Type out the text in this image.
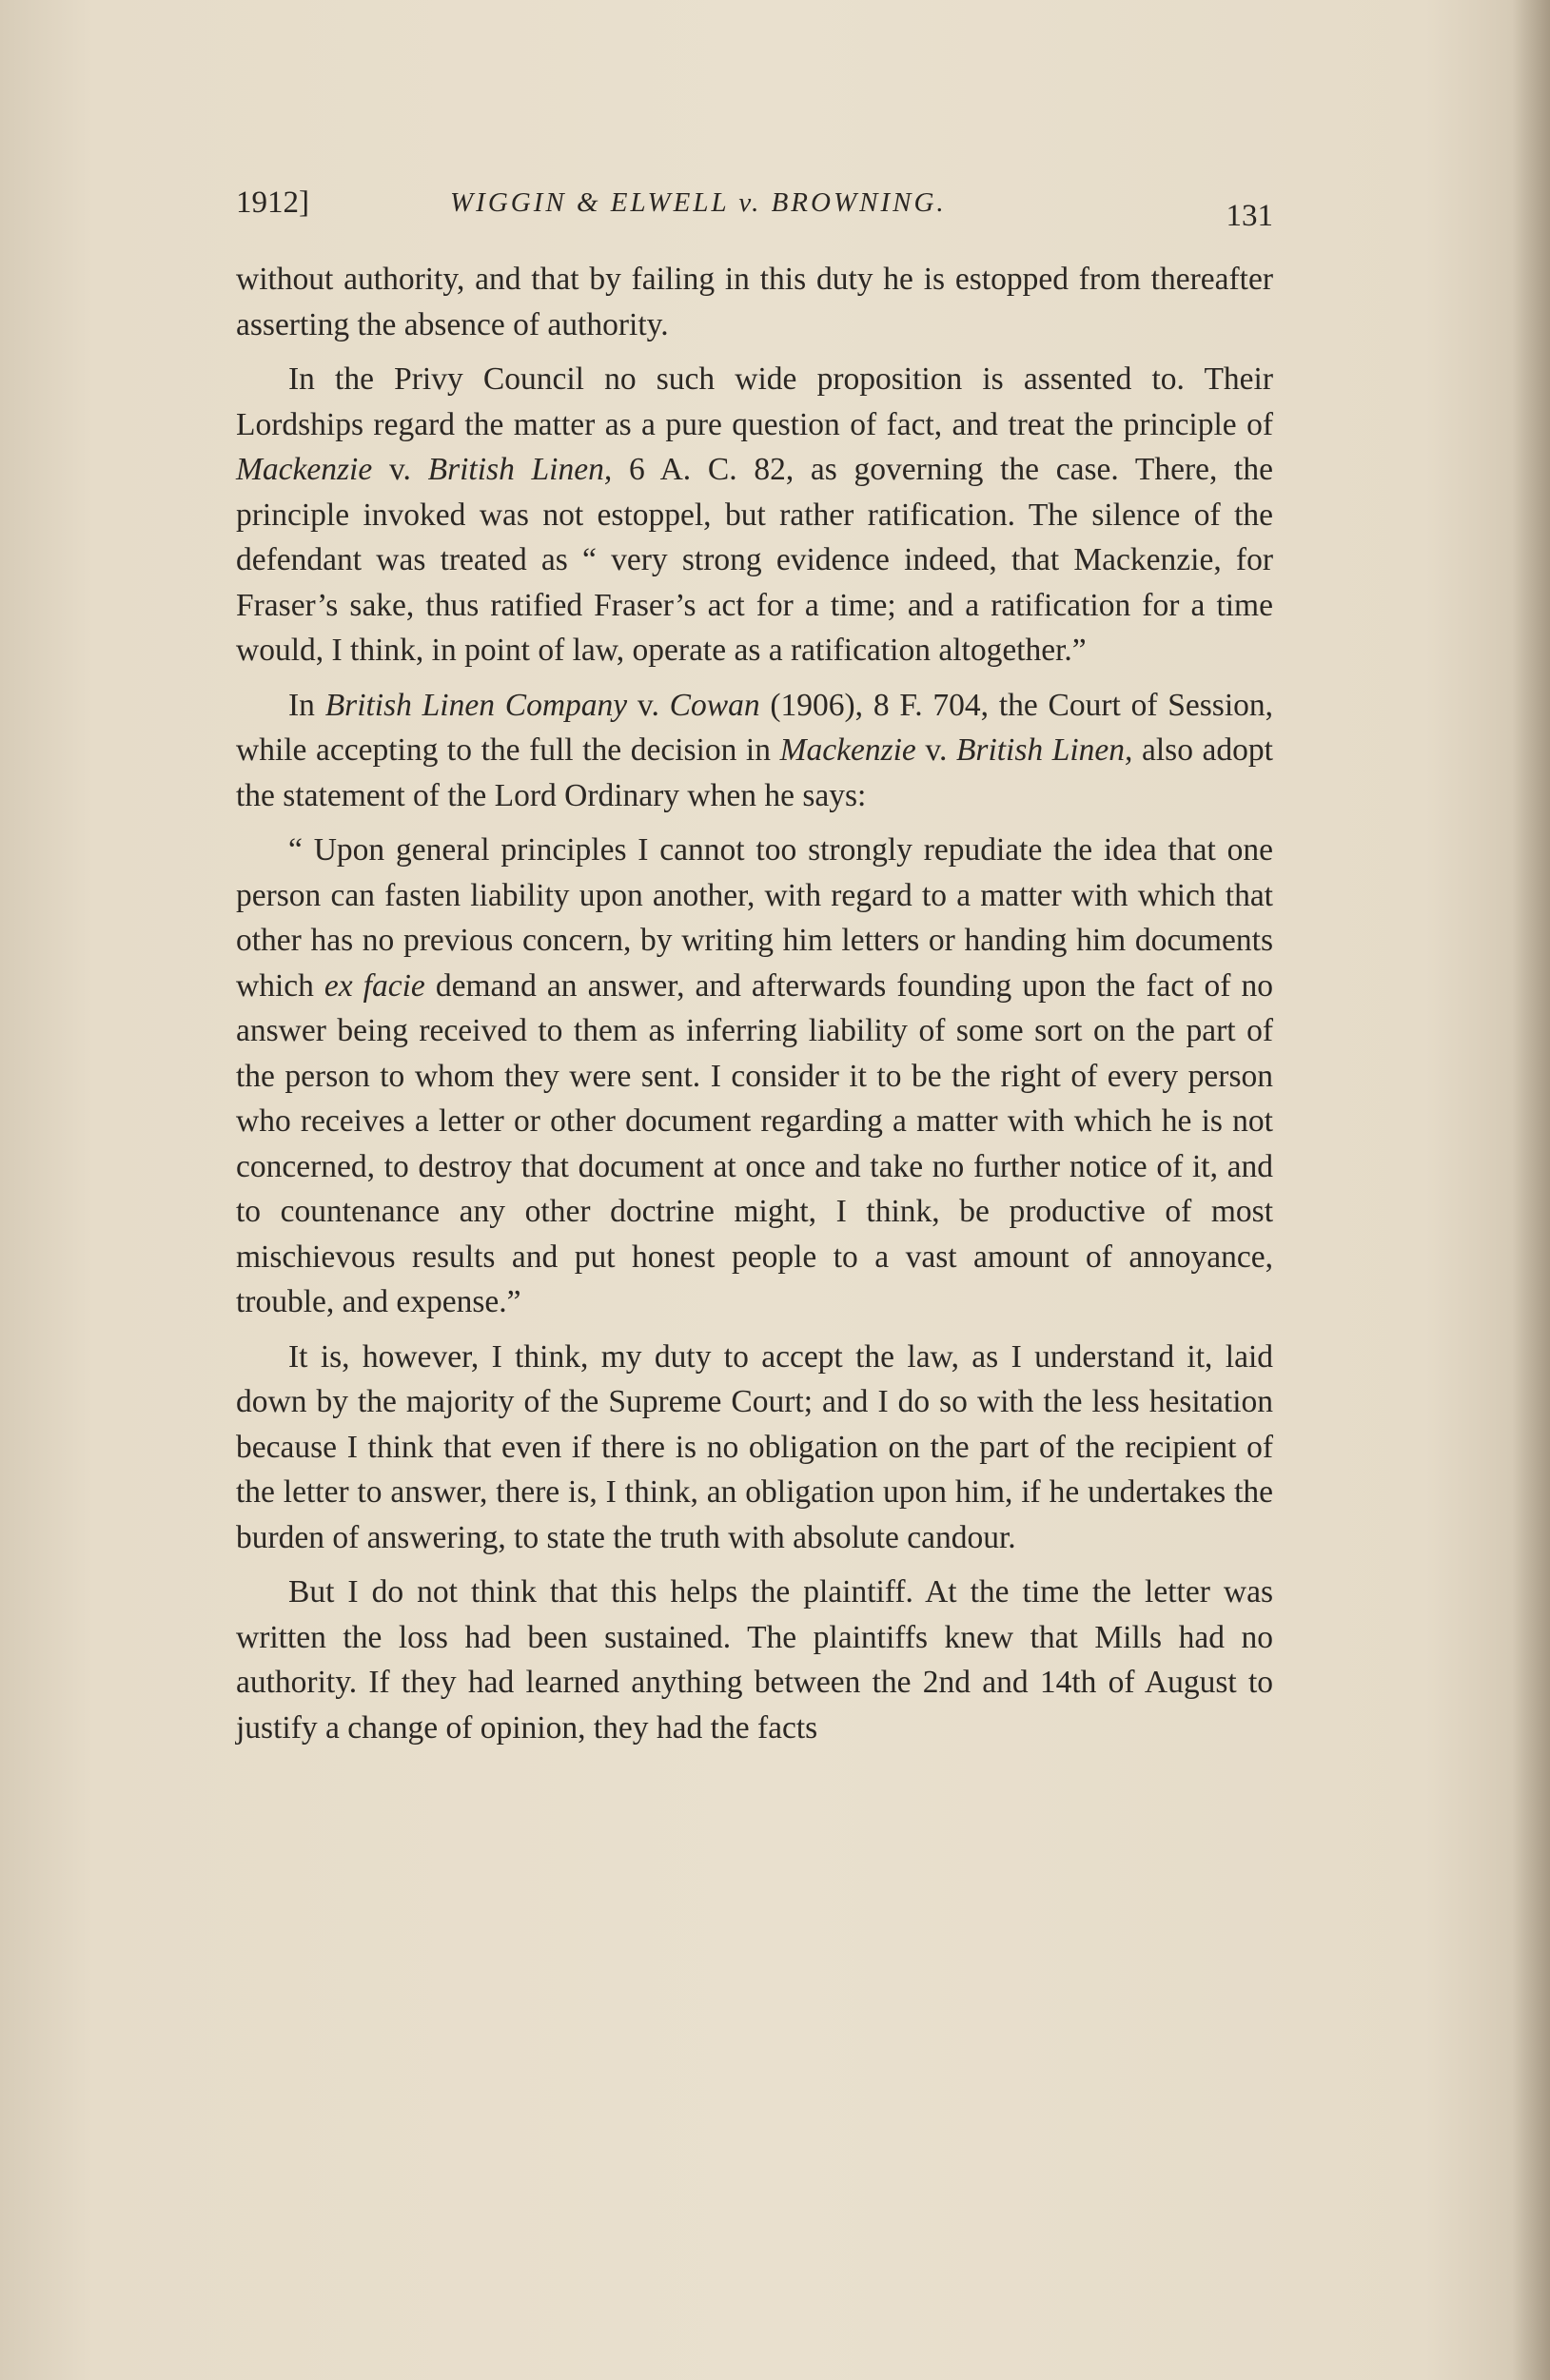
1912]	WIGGIN & ELWELL v. BROWNING.	131

without authority, and that by failing in this duty he is estopped from thereafter asserting the absence of authority.

In the Privy Council no such wide proposition is assented to. Their Lordships regard the matter as a pure question of fact, and treat the principle of Mackenzie v. British Linen, 6 A. C. 82, as governing the case. There, the principle invoked was not estoppel, but rather ratification. The silence of the defendant was treated as “ very strong evidence indeed, that Mackenzie, for Fraser’s sake, thus ratified Fraser’s act for a time; and a ratification for a time would, I think, in point of law, operate as a ratification altogether.”

In British Linen Company v. Cowan (1906), 8 F. 704, the Court of Session, while accepting to the full the decision in Mackenzie v. British Linen, also adopt the statement of the Lord Ordinary when he says:

“ Upon general principles I cannot too strongly repudiate the idea that one person can fasten liability upon another, with regard to a matter with which that other has no previous concern, by writing him letters or handing him documents which ex facie demand an answer, and afterwards founding upon the fact of no answer being received to them as inferring liability of some sort on the part of the person to whom they were sent. I consider it to be the right of every person who receives a letter or other document regarding a matter with which he is not concerned, to destroy that document at once and take no further notice of it, and to countenance any other doctrine might, I think, be productive of most mischievous results and put honest people to a vast amount of annoyance, trouble, and expense.”

It is, however, I think, my duty to accept the law, as I understand it, laid down by the majority of the Supreme Court; and I do so with the less hesitation because I think that even if there is no obligation on the part of the recipient of the letter to answer, there is, I think, an obligation upon him, if he undertakes the burden of answering, to state the truth with absolute candour.

But I do not think that this helps the plaintiff. At the time the letter was written the loss had been sustained. The plaintiffs knew that Mills had no authority. If they had learned anything between the 2nd and 14th of August to justify a change of opinion, they had the facts
